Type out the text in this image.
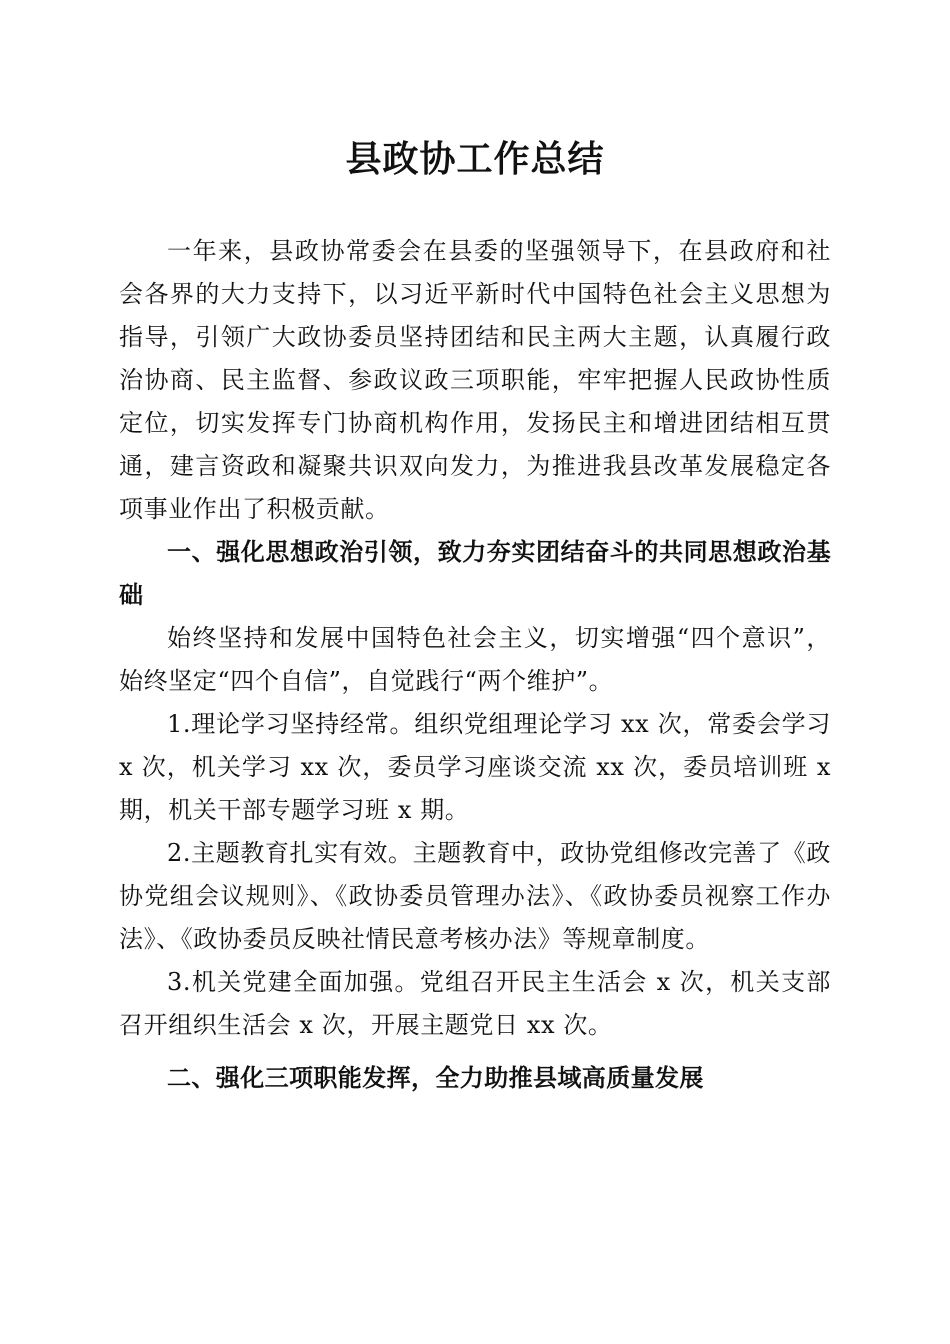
县政协工作总结

一年来，县政协常委会在县委的坚强领导下，在县政府和社会各界的大力支持下，以习近平新时代中国特色社会主义思想为指导，引领广大政协委员坚持团结和民主两大主题，认真履行政治协商、民主监督、参政议政三项职能，牢牢把握人民政协性质定位，切实发挥专门协商机构作用，发扬民主和增进团结相互贯通，建言资政和凝聚共识双向发力，为推进我县改革发展稳定各项事业作出了积极贡献。

一、强化思想政治引领，致力夯实团结奋斗的共同思想政治基础

始终坚持和发展中国特色社会主义，切实增强“四个意识”，始终坚定“四个自信”，自觉践行“两个维护”。

1.理论学习坚持经常。组织党组理论学习 xx 次，常委会学习 x 次，机关学习 xx 次，委员学习座谈交流 xx 次，委员培训班 x 期，机关干部专题学习班 x 期。

2.主题教育扎实有效。主题教育中，政协党组修改完善了《政协党组会议规则》、《政协委员管理办法》、《政协委员视察工作办法》、《政协委员反映社情民意考核办法》等规章制度。

3.机关党建全面加强。党组召开民主生活会 x 次，机关支部召开组织生活会 x 次，开展主题党日 xx 次。

二、强化三项职能发挥，全力助推县域高质量发展
